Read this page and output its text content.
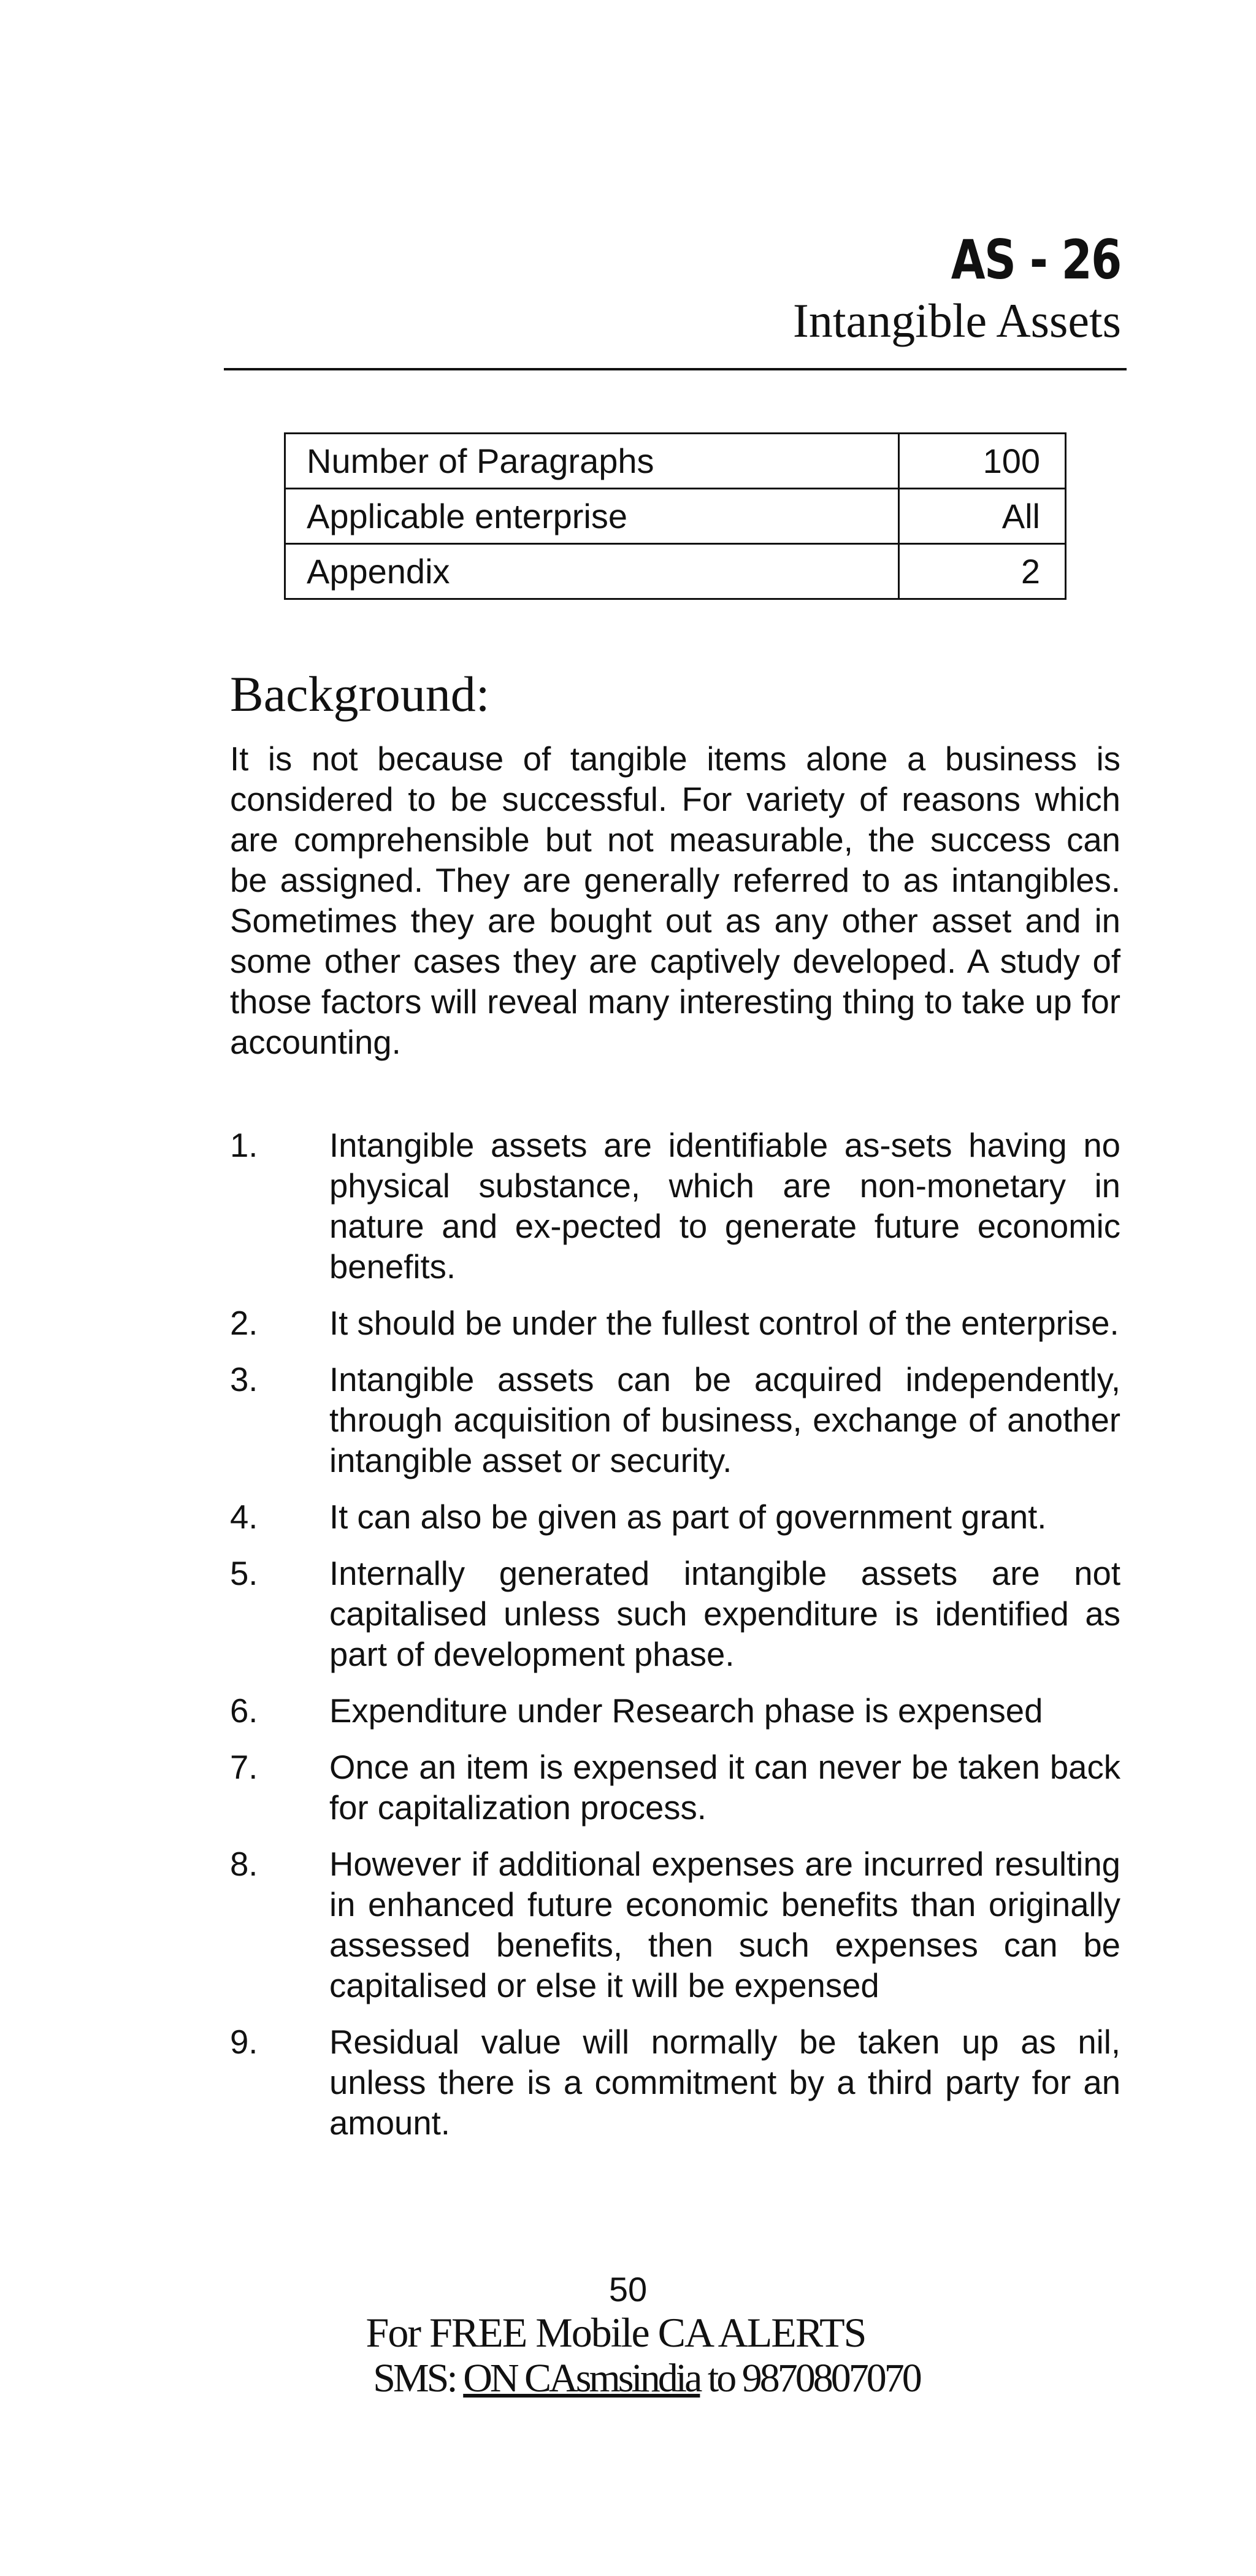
AS - 26
Intangible Assets
Number of Paragraphs	100
Applicable enterprise	All
Appendix	2
Background:
It is not because of tangible items alone a business is considered to be successful. For variety of reasons which are comprehensible but not measurable, the success can be assigned. They are generally referred to as intangibles. Sometimes they are bought out as any other asset and in some other cases they are captively developed. A study of those factors will reveal many interesting thing to take up for accounting.
1.	Intangible assets are identifiable as-sets having no physical substance, which are non-monetary in nature and ex-pected to generate future economic benefits.
2.	It should be under the fullest control of the enterprise.
3.	Intangible assets can be acquired independently, through acquisition of business, exchange of another intangible asset or security.
4.	It can also be given as part of government grant.
5.	Internally generated intangible assets are not capitalised unless such expenditure is identified as part of development phase.
6.	Expenditure under Research phase is expensed
7.	Once an item is expensed it can never be taken back for capitalization process.
8.	However if additional expenses are incurred resulting in enhanced future economic benefits than originally assessed benefits, then such expenses can be capitalised or else it will be expensed
9.	Residual value will normally be taken up as nil, unless there is a commitment by a third party for an amount.
50
For FREE Mobile CA ALERTS
SMS: ON CAsmsindia to 9870807070
